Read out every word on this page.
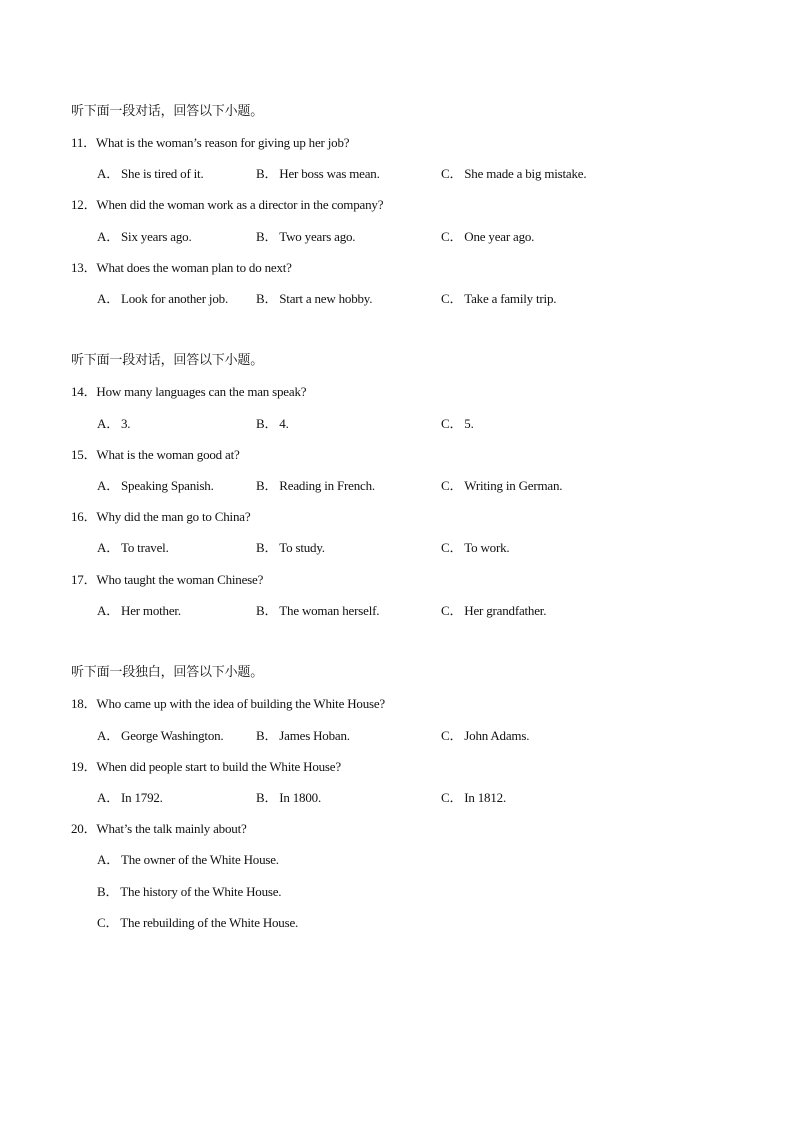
听下面一段对话，回答以下小题。
11．What is the woman’s reason for giving up her job?
A． She is tired of it.	B． Her boss was mean.	C． She made a big mistake.
12．When did the woman work as a director in the company?
A． Six years ago.	B． Two years ago.	C． One year ago.
13．What does the woman plan to do next?
A． Look for another job. B． Start a new hobby.	C． Take a family trip.
听下面一段对话，回答以下小题。
14．How many languages can the man speak?
A． 3.	B． 4.	C． 5.
15．What is the woman good at?
A． Speaking Spanish.	B． Reading in French.	C． Writing in German.
16．Why did the man go to China?
A． To travel.	B． To study.	C． To work.
17．Who taught the woman Chinese?
A． Her mother.	B． The woman herself.	C． Her grandfather.
听下面一段独白，回答以下小题。
18．Who came up with the idea of building the White House?
A． George Washington.	B． James Hoban.	C． John Adams.
19．When did people start to build the White House?
A． In 1792.	B． In 1800.	C． In 1812.
20．What’s the talk mainly about?
A． The owner of the White House.
B． The history of the White House.
C． The rebuilding of the White House.
